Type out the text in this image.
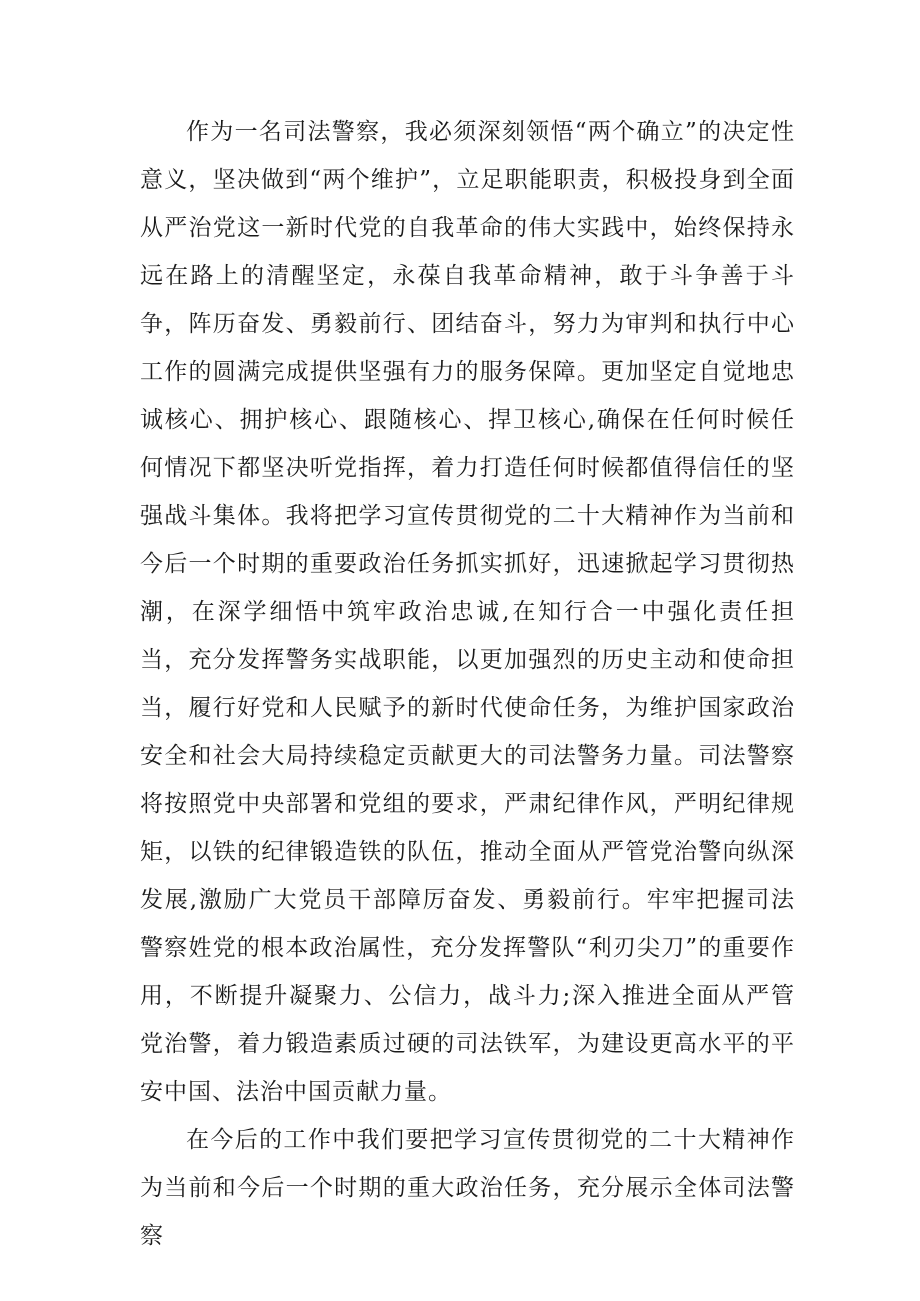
作为一名司法警察，我必须深刻领悟“两个确立”的决定性意义，坚决做到“两个维护”，立足职能职责，积极投身到全面从严治党这一新时代党的自我革命的伟大实践中，始终保持永远在路上的清醒坚定，永葆自我革命精神，敢于斗争善于斗争，阵历奋发、勇毅前行、团结奋斗，努力为审判和执行中心工作的圆满完成提供坚强有力的服务保障。更加坚定自觉地忠诚核心、拥护核心、跟随核心、捍卫核心,确保在任何时候任何情况下都坚决听党指挥，着力打造任何时候都值得信任的坚强战斗集体。我将把学习宣传贯彻党的二十大精神作为当前和今后一个时期的重要政治任务抓实抓好，迅速掀起学习贯彻热潮，在深学细悟中筑牢政治忠诚,在知行合一中强化责任担当，充分发挥警务实战职能，以更加强烈的历史主动和使命担当，履行好党和人民赋予的新时代使命任务，为维护国家政治安全和社会大局持续稳定贡献更大的司法警务力量。司法警察将按照党中央部署和党组的要求，严肃纪律作风，严明纪律规矩，以铁的纪律锻造铁的队伍，推动全面从严管党治警向纵深发展,激励广大党员干部障厉奋发、勇毅前行。牢牢把握司法警察姓党的根本政治属性，充分发挥警队“利刃尖刀”的重要作用，不断提升凝聚力、公信力，战斗力;深入推进全面从严管党治警，着力锻造素质过硬的司法铁军，为建设更高水平的平安中国、法治中国贡献力量。

在今后的工作中我们要把学习宣传贯彻党的二十大精神作为当前和今后一个时期的重大政治任务，充分展示全体司法警察
